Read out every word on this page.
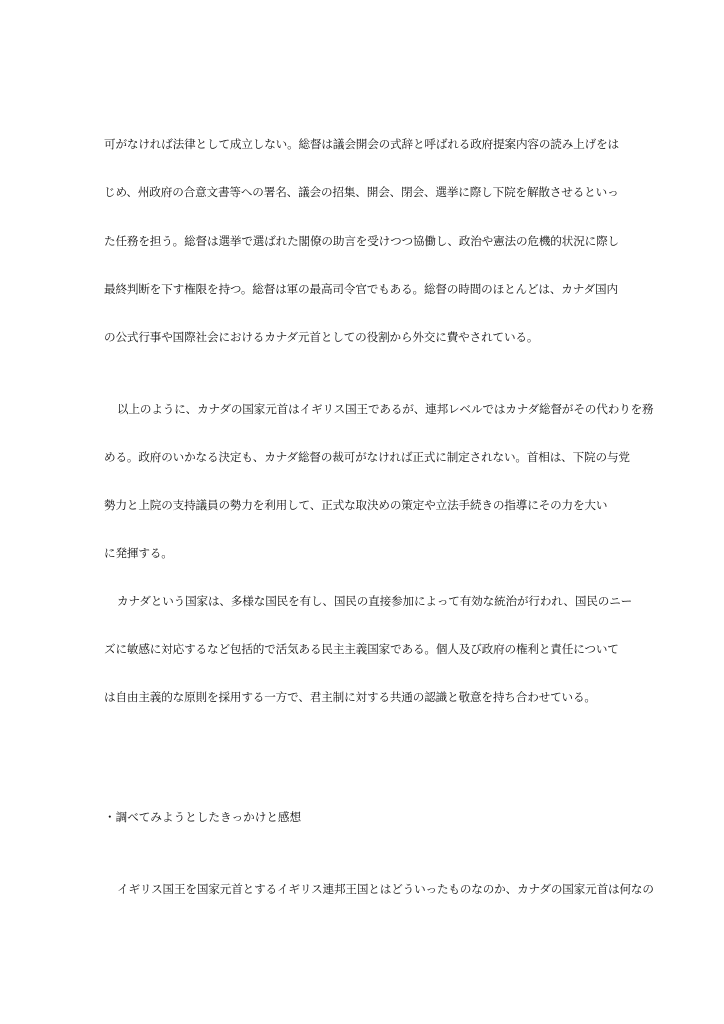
可がなければ法律として成立しない。総督は議会開会の式辞と呼ばれる政府提案内容の読み上げをは
じめ、州政府の合意文書等への署名、議会の招集、開会、閉会、選挙に際し下院を解散させるといっ
た任務を担う。総督は選挙で選ばれた閣僚の助言を受けつつ協働し、政治や憲法の危機的状況に際し
最終判断を下す権限を持つ。総督は軍の最高司令官でもある。総督の時間のほとんどは、カナダ国内
の公式行事や国際社会におけるカナダ元首としての役割から外交に費やされている。
以上のように、カナダの国家元首はイギリス国王であるが、連邦レベルではカナダ総督がその代わりを務
める。政府のいかなる決定も、カナダ総督の裁可がなければ正式に制定されない。首相は、下院の与党
勢力と上院の支持議員の勢力を利用して、正式な取決めの策定や立法手続きの指導にその力を大い
に発揮する。
カナダという国家は、多様な国民を有し、国民の直接参加によって有効な統治が行われ、国民のニー
ズに敏感に対応するなど包括的で活気ある民主主義国家である。個人及び政府の権利と責任について
は自由主義的な原則を採用する一方で、君主制に対する共通の認識と敬意を持ち合わせている。
・調べてみようとしたきっかけと感想
イギリス国王を国家元首とするイギリス連邦王国とはどういったものなのか、カナダの国家元首は何なの
